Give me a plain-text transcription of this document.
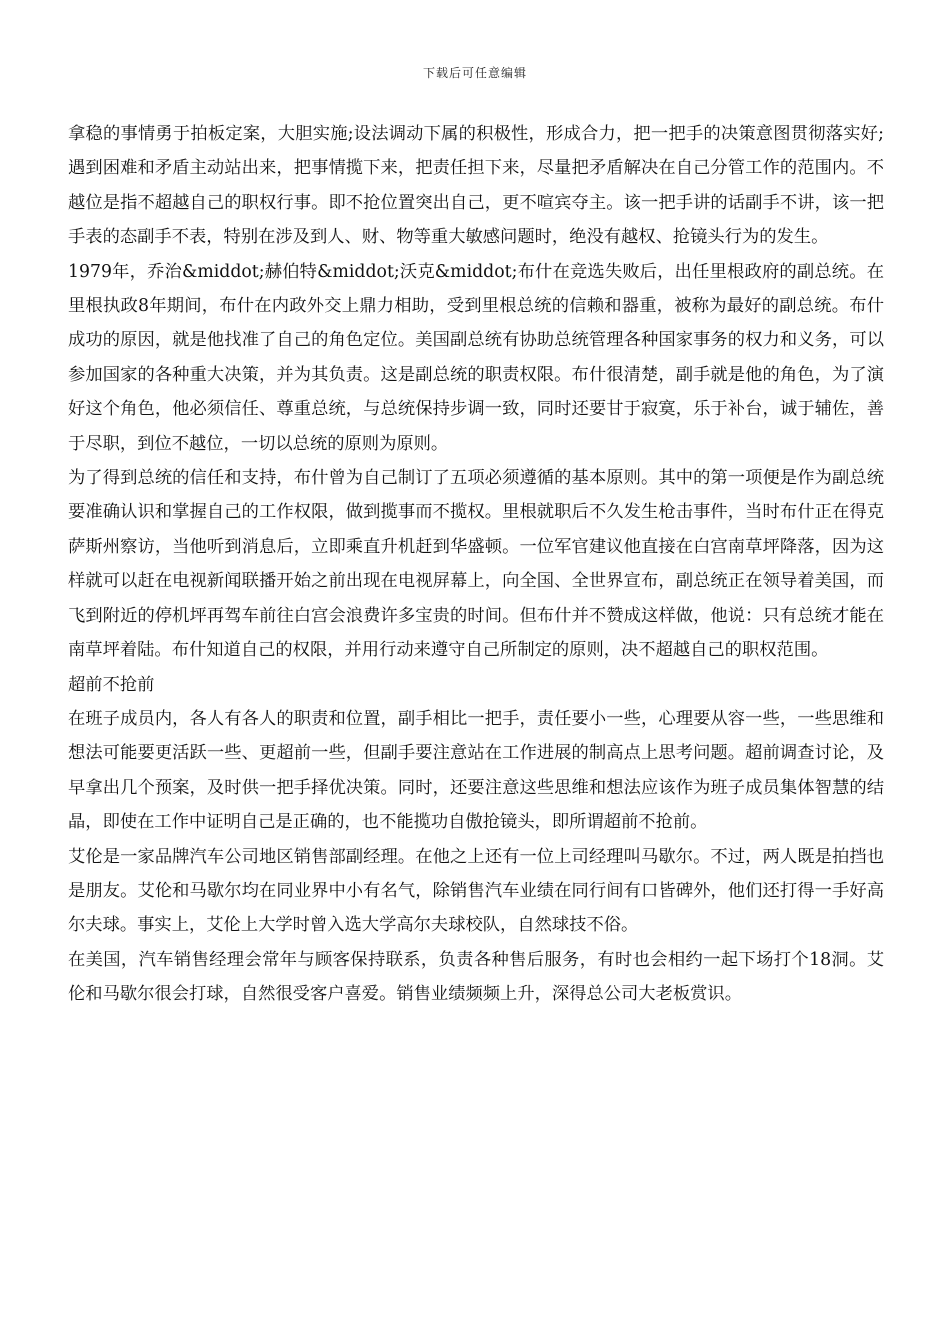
下载后可任意编辑

拿稳的事情勇于拍板定案，大胆实施;设法调动下属的积极性，形成合力，把一把手的决策意图贯彻落实好;遇到困难和矛盾主动站出来，把事情揽下来，把责任担下来，尽量把矛盾解决在自己分管工作的范围内。不越位是指不超越自己的职权行事。即不抢位置突出自己，更不喧宾夺主。该一把手讲的话副手不讲，该一把手表的态副手不表，特别在涉及到人、财、物等重大敏感问题时，绝没有越权、抢镜头行为的发生。

1979年，乔治&middot;赫伯特&middot;沃克&middot;布什在竞选失败后，出任里根政府的副总统。在里根执政8年期间，布什在内政外交上鼎力相助，受到里根总统的信赖和器重，被称为最好的副总统。布什成功的原因，就是他找准了自己的角色定位。美国副总统有协助总统管理各种国家事务的权力和义务，可以参加国家的各种重大决策，并为其负责。这是副总统的职责权限。布什很清楚，副手就是他的角色，为了演好这个角色，他必须信任、尊重总统，与总统保持步调一致，同时还要甘于寂寞，乐于补台，诚于辅佐，善于尽职，到位不越位，一切以总统的原则为原则。

为了得到总统的信任和支持，布什曾为自己制订了五项必须遵循的基本原则。其中的第一项便是作为副总统要准确认识和掌握自己的工作权限，做到揽事而不揽权。里根就职后不久发生枪击事件，当时布什正在得克萨斯州察访，当他听到消息后，立即乘直升机赶到华盛顿。一位军官建议他直接在白宫南草坪降落，因为这样就可以赶在电视新闻联播开始之前出现在电视屏幕上，向全国、全世界宣布，副总统正在领导着美国，而飞到附近的停机坪再驾车前往白宫会浪费许多宝贵的时间。但布什并不赞成这样做，他说：只有总统才能在南草坪着陆。布什知道自己的权限，并用行动来遵守自己所制定的原则，决不超越自己的职权范围。

超前不抢前

在班子成员内，各人有各人的职责和位置，副手相比一把手，责任要小一些，心理要从容一些，一些思维和想法可能要更活跃一些、更超前一些，但副手要注意站在工作进展的制高点上思考问题。超前调查讨论，及早拿出几个预案，及时供一把手择优决策。同时，还要注意这些思维和想法应该作为班子成员集体智慧的结晶，即使在工作中证明自己是正确的，也不能揽功自傲抢镜头，即所谓超前不抢前。

艾伦是一家品牌汽车公司地区销售部副经理。在他之上还有一位上司经理叫马歇尔。不过，两人既是拍挡也是朋友。艾伦和马歇尔均在同业界中小有名气，除销售汽车业绩在同行间有口皆碑外，他们还打得一手好高尔夫球。事实上，艾伦上大学时曾入选大学高尔夫球校队，自然球技不俗。

在美国，汽车销售经理会常年与顾客保持联系，负责各种售后服务，有时也会相约一起下场打个18洞。艾伦和马歇尔很会打球，自然很受客户喜爱。销售业绩频频上升，深得总公司大老板赏识。
